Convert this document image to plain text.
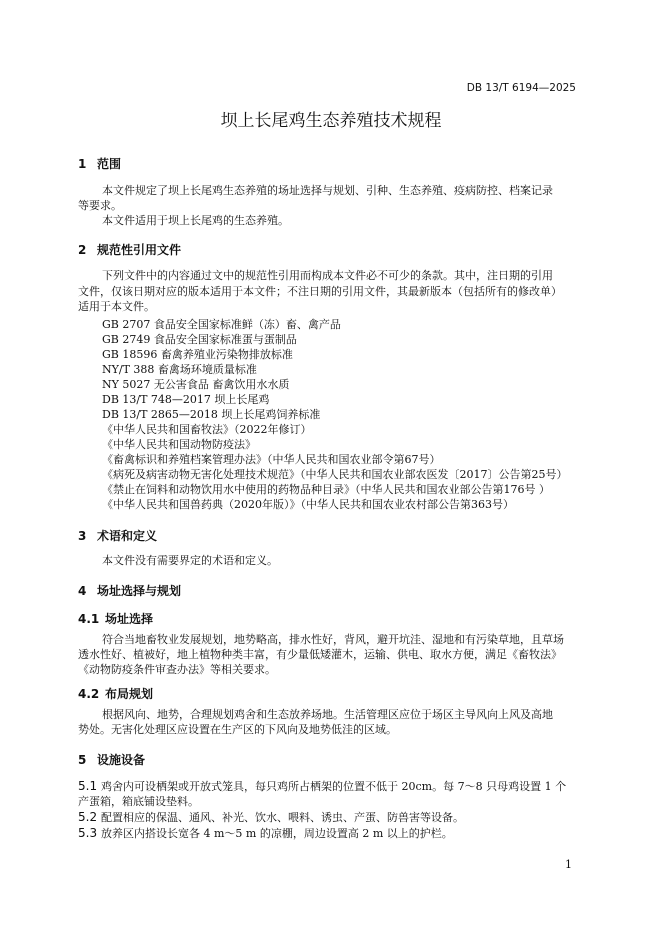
DB 13/T 6194—2025
坝上长尾鸡生态养殖技术规程
1 范围
本文件规定了坝上长尾鸡生态养殖的场址选择与规划、引种、生态养殖、疫病防控、档案记录
等要求。
本文件适用于坝上长尾鸡的生态养殖。
2 规范性引用文件
下列文件中的内容通过文中的规范性引用而构成本文件必不可少的条款。其中，注日期的引用
文件，仅该日期对应的版本适用于本文件；不注日期的引用文件，其最新版本（包括所有的修改单）
适用于本文件。
GB 2707 食品安全国家标准鲜（冻）畜、禽产品
GB 2749 食品安全国家标准蛋与蛋制品
GB 18596 畜禽养殖业污染物排放标准
NY/T 388 畜禽场环境质量标准
NY 5027 无公害食品 畜禽饮用水水质
DB 13/T 748—2017 坝上长尾鸡
DB 13/T 2865—2018 坝上长尾鸡饲养标准
《中华人民共和国畜牧法》（2022年修订）
《中华人民共和国动物防疫法》
《畜禽标识和养殖档案管理办法》（中华人民共和国农业部令第67号）
《病死及病害动物无害化处理技术规范》（中华人民共和国农业部农医发〔2017〕公告第25号）
《禁止在饲料和动物饮用水中使用的药物品种目录》（中华人民共和国农业部公告第176号 ）
《中华人民共和国兽药典（2020年版）》（中华人民共和国农业农村部公告第363号）
3 术语和定义
本文件没有需要界定的术语和定义。
4 场址选择与规划
4.1 场址选择
符合当地畜牧业发展规划，地势略高，排水性好，背风，避开坑洼、湿地和有污染草地，且草场
透水性好、植被好，地上植物种类丰富，有少量低矮灌木，运输、供电、取水方便，满足《畜牧法》
《动物防疫条件审查办法》等相关要求。
4.2 布局规划
根据风向、地势，合理规划鸡舍和生态放养场地。生活管理区应位于场区主导风向上风及高地
势处。无害化处理区应设置在生产区的下风向及地势低洼的区域。
5 设施设备
5.1 鸡舍内可设栖架或开放式笼具，每只鸡所占栖架的位置不低于 20cm。每 7～8 只母鸡设置 1 个
产蛋箱，箱底铺设垫料。
5.2 配置相应的保温、通风、补光、饮水、喂料、诱虫、产蛋、防兽害等设备。
5.3 放养区内搭设长宽各 4 m～5 m 的凉棚，周边设置高 2 m 以上的护栏。
1
